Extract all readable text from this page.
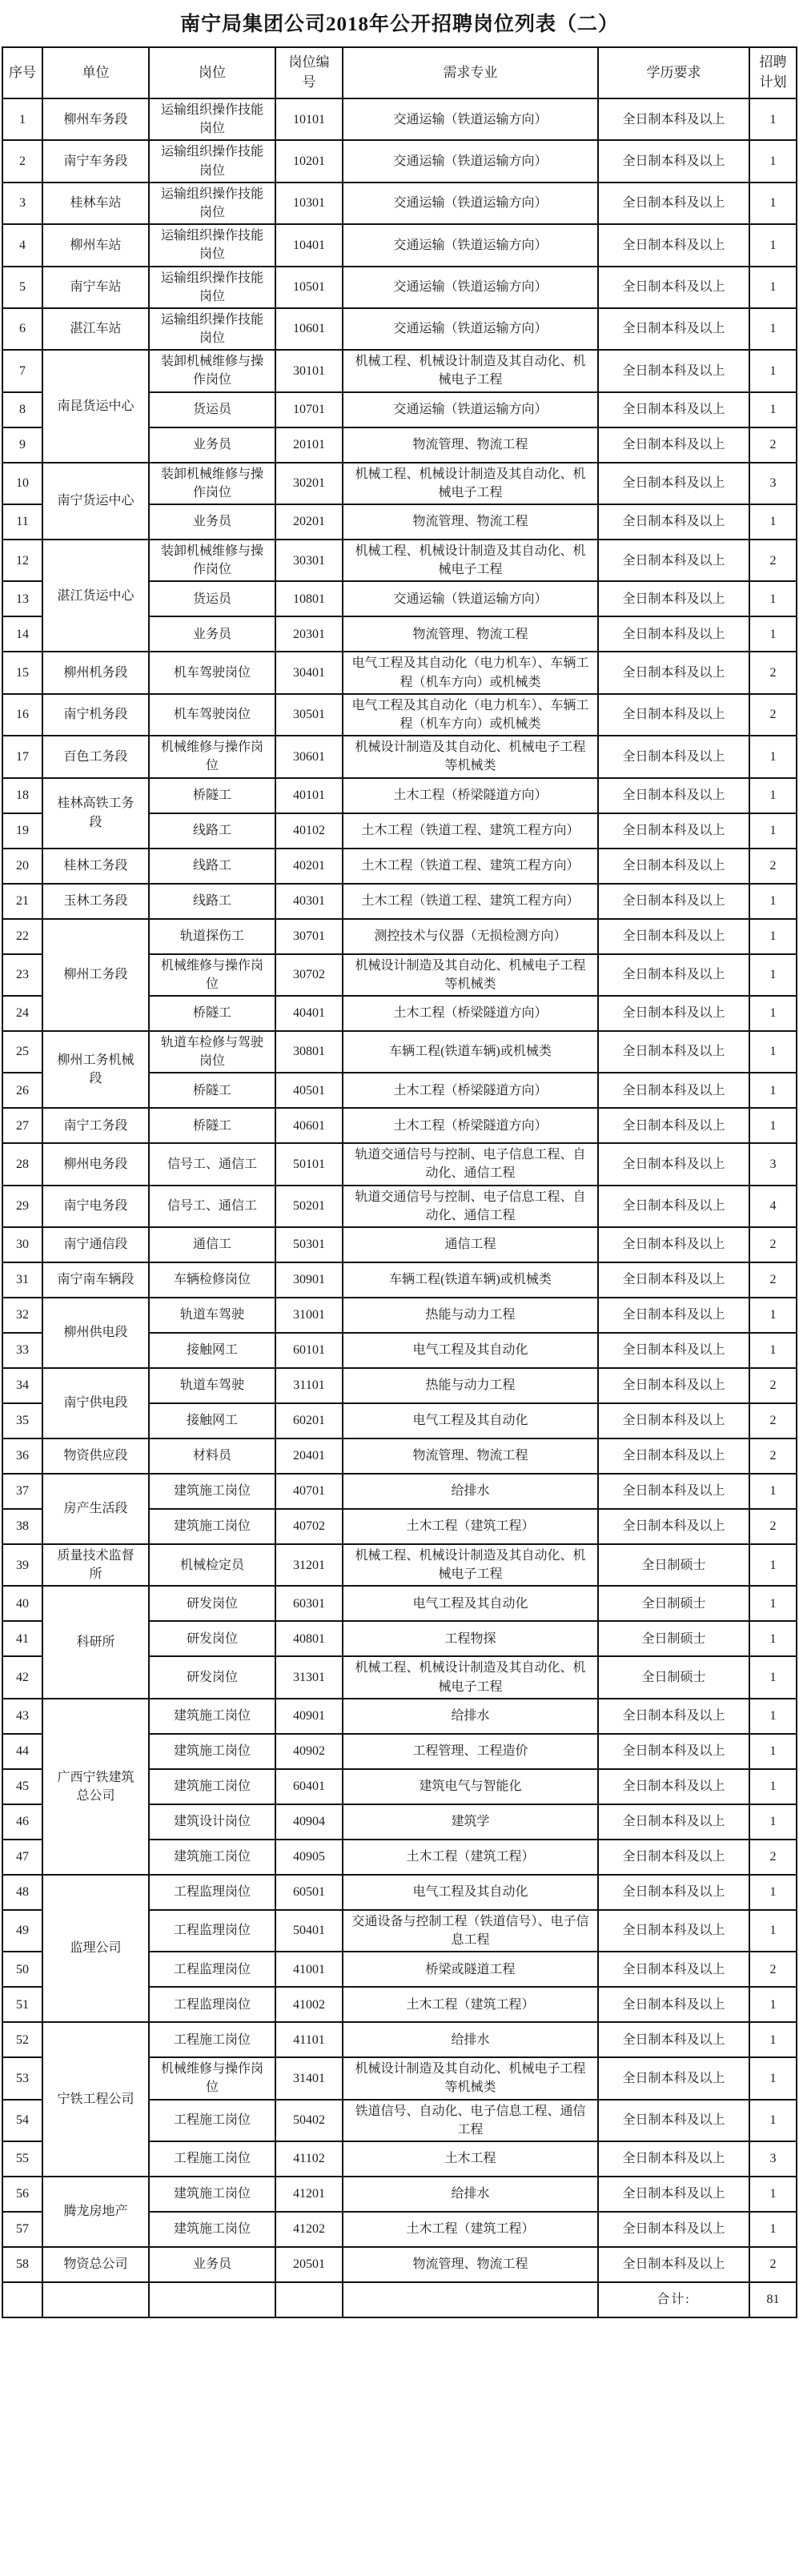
南宁局集团公司2018年公开招聘岗位列表（二）
序号	单位	岗位	岗位编号	需求专业	学历要求	招聘计划
1	柳州车务段	运输组织操作技能岗位	10101	交通运输（铁道运输方向）	全日制本科及以上	1
2	南宁车务段	运输组织操作技能岗位	10201	交通运输（铁道运输方向）	全日制本科及以上	1
3	桂林车站	运输组织操作技能岗位	10301	交通运输（铁道运输方向）	全日制本科及以上	1
4	柳州车站	运输组织操作技能岗位	10401	交通运输（铁道运输方向）	全日制本科及以上	1
5	南宁车站	运输组织操作技能岗位	10501	交通运输（铁道运输方向）	全日制本科及以上	1
6	湛江车站	运输组织操作技能岗位	10601	交通运输（铁道运输方向）	全日制本科及以上	1
7	南昆货运中心	装卸机械维修与操作岗位	30101	机械工程、机械设计制造及其自动化、机械电子工程	全日制本科及以上	1
8		货运员	10701	交通运输（铁道运输方向）	全日制本科及以上	1
9		业务员	20101	物流管理、物流工程	全日制本科及以上	2
10	南宁货运中心	装卸机械维修与操作岗位	30201	机械工程、机械设计制造及其自动化、机械电子工程	全日制本科及以上	3
11		业务员	20201	物流管理、物流工程	全日制本科及以上	1
12	湛江货运中心	装卸机械维修与操作岗位	30301	机械工程、机械设计制造及其自动化、机械电子工程	全日制本科及以上	2
13		货运员	10801	交通运输（铁道运输方向）	全日制本科及以上	1
14		业务员	20301	物流管理、物流工程	全日制本科及以上	1
15	柳州机务段	机车驾驶岗位	30401	电气工程及其自动化（电力机车）、车辆工程（机车方向）或机械类	全日制本科及以上	2
16	南宁机务段	机车驾驶岗位	30501	电气工程及其自动化（电力机车）、车辆工程（机车方向）或机械类	全日制本科及以上	2
17	百色工务段	机械维修与操作岗位	30601	机械设计制造及其自动化、机械电子工程等机械类	全日制本科及以上	1
18	桂林高铁工务段	桥隧工	40101	土木工程（桥梁隧道方向）	全日制本科及以上	1
19		线路工	40102	土木工程（铁道工程、建筑工程方向）	全日制本科及以上	1
20	桂林工务段	线路工	40201	土木工程（铁道工程、建筑工程方向）	全日制本科及以上	2
21	玉林工务段	线路工	40301	土木工程（铁道工程、建筑工程方向）	全日制本科及以上	1
22	柳州工务段	轨道探伤工	30701	测控技术与仪器（无损检测方向）	全日制本科及以上	1
23		机械维修与操作岗位	30702	机械设计制造及其自动化、机械电子工程等机械类	全日制本科及以上	1
24		桥隧工	40401	土木工程（桥梁隧道方向）	全日制本科及以上	1
25	柳州工务机械段	轨道车检修与驾驶岗位	30801	车辆工程(铁道车辆)或机械类	全日制本科及以上	1
26		桥隧工	40501	土木工程（桥梁隧道方向）	全日制本科及以上	1
27	南宁工务段	桥隧工	40601	土木工程（桥梁隧道方向）	全日制本科及以上	1
28	柳州电务段	信号工、通信工	50101	轨道交通信号与控制、电子信息工程、自动化、通信工程	全日制本科及以上	3
29	南宁电务段	信号工、通信工	50201	轨道交通信号与控制、电子信息工程、自动化、通信工程	全日制本科及以上	4
30	南宁通信段	通信工	50301	通信工程	全日制本科及以上	2
31	南宁南车辆段	车辆检修岗位	30901	车辆工程(铁道车辆)或机械类	全日制本科及以上	2
32	柳州供电段	轨道车驾驶	31001	热能与动力工程	全日制本科及以上	1
33		接触网工	60101	电气工程及其自动化	全日制本科及以上	1
34	南宁供电段	轨道车驾驶	31101	热能与动力工程	全日制本科及以上	2
35		接触网工	60201	电气工程及其自动化	全日制本科及以上	2
36	物资供应段	材料员	20401	物流管理、物流工程	全日制本科及以上	2
37	房产生活段	建筑施工岗位	40701	给排水	全日制本科及以上	1
38		建筑施工岗位	40702	土木工程（建筑工程）	全日制本科及以上	2
39	质量技术监督所	机械检定员	31201	机械工程、机械设计制造及其自动化、机械电子工程	全日制硕士	1
40	科研所	研发岗位	60301	电气工程及其自动化	全日制硕士	1
41		研发岗位	40801	工程物探	全日制硕士	1
42		研发岗位	31301	机械工程、机械设计制造及其自动化、机械电子工程	全日制硕士	1
43	广西宁铁建筑总公司	建筑施工岗位	40901	给排水	全日制本科及以上	1
44		建筑施工岗位	40902	工程管理、工程造价	全日制本科及以上	1
45		建筑施工岗位	60401	建筑电气与智能化	全日制本科及以上	1
46		建筑设计岗位	40904	建筑学	全日制本科及以上	1
47		建筑施工岗位	40905	土木工程（建筑工程）	全日制本科及以上	2
48	监理公司	工程监理岗位	60501	电气工程及其自动化	全日制本科及以上	1
49		工程监理岗位	50401	交通设备与控制工程（铁道信号）、电子信息工程	全日制本科及以上	1
50		工程监理岗位	41001	桥梁或隧道工程	全日制本科及以上	2
51		工程监理岗位	41002	土木工程（建筑工程）	全日制本科及以上	1
52	宁铁工程公司	工程施工岗位	41101	给排水	全日制本科及以上	1
53		机械维修与操作岗位	31401	机械设计制造及其自动化、机械电子工程等机械类	全日制本科及以上	1
54		工程施工岗位	50402	铁道信号、自动化、电子信息工程、通信工程	全日制本科及以上	1
55		工程施工岗位	41102	土木工程	全日制本科及以上	3
56	腾龙房地产	建筑施工岗位	41201	给排水	全日制本科及以上	1
57		建筑施工岗位	41202	土木工程（建筑工程）	全日制本科及以上	1
58	物资总公司	业务员	20501	物流管理、物流工程	全日制本科及以上	2
					合计:	81
